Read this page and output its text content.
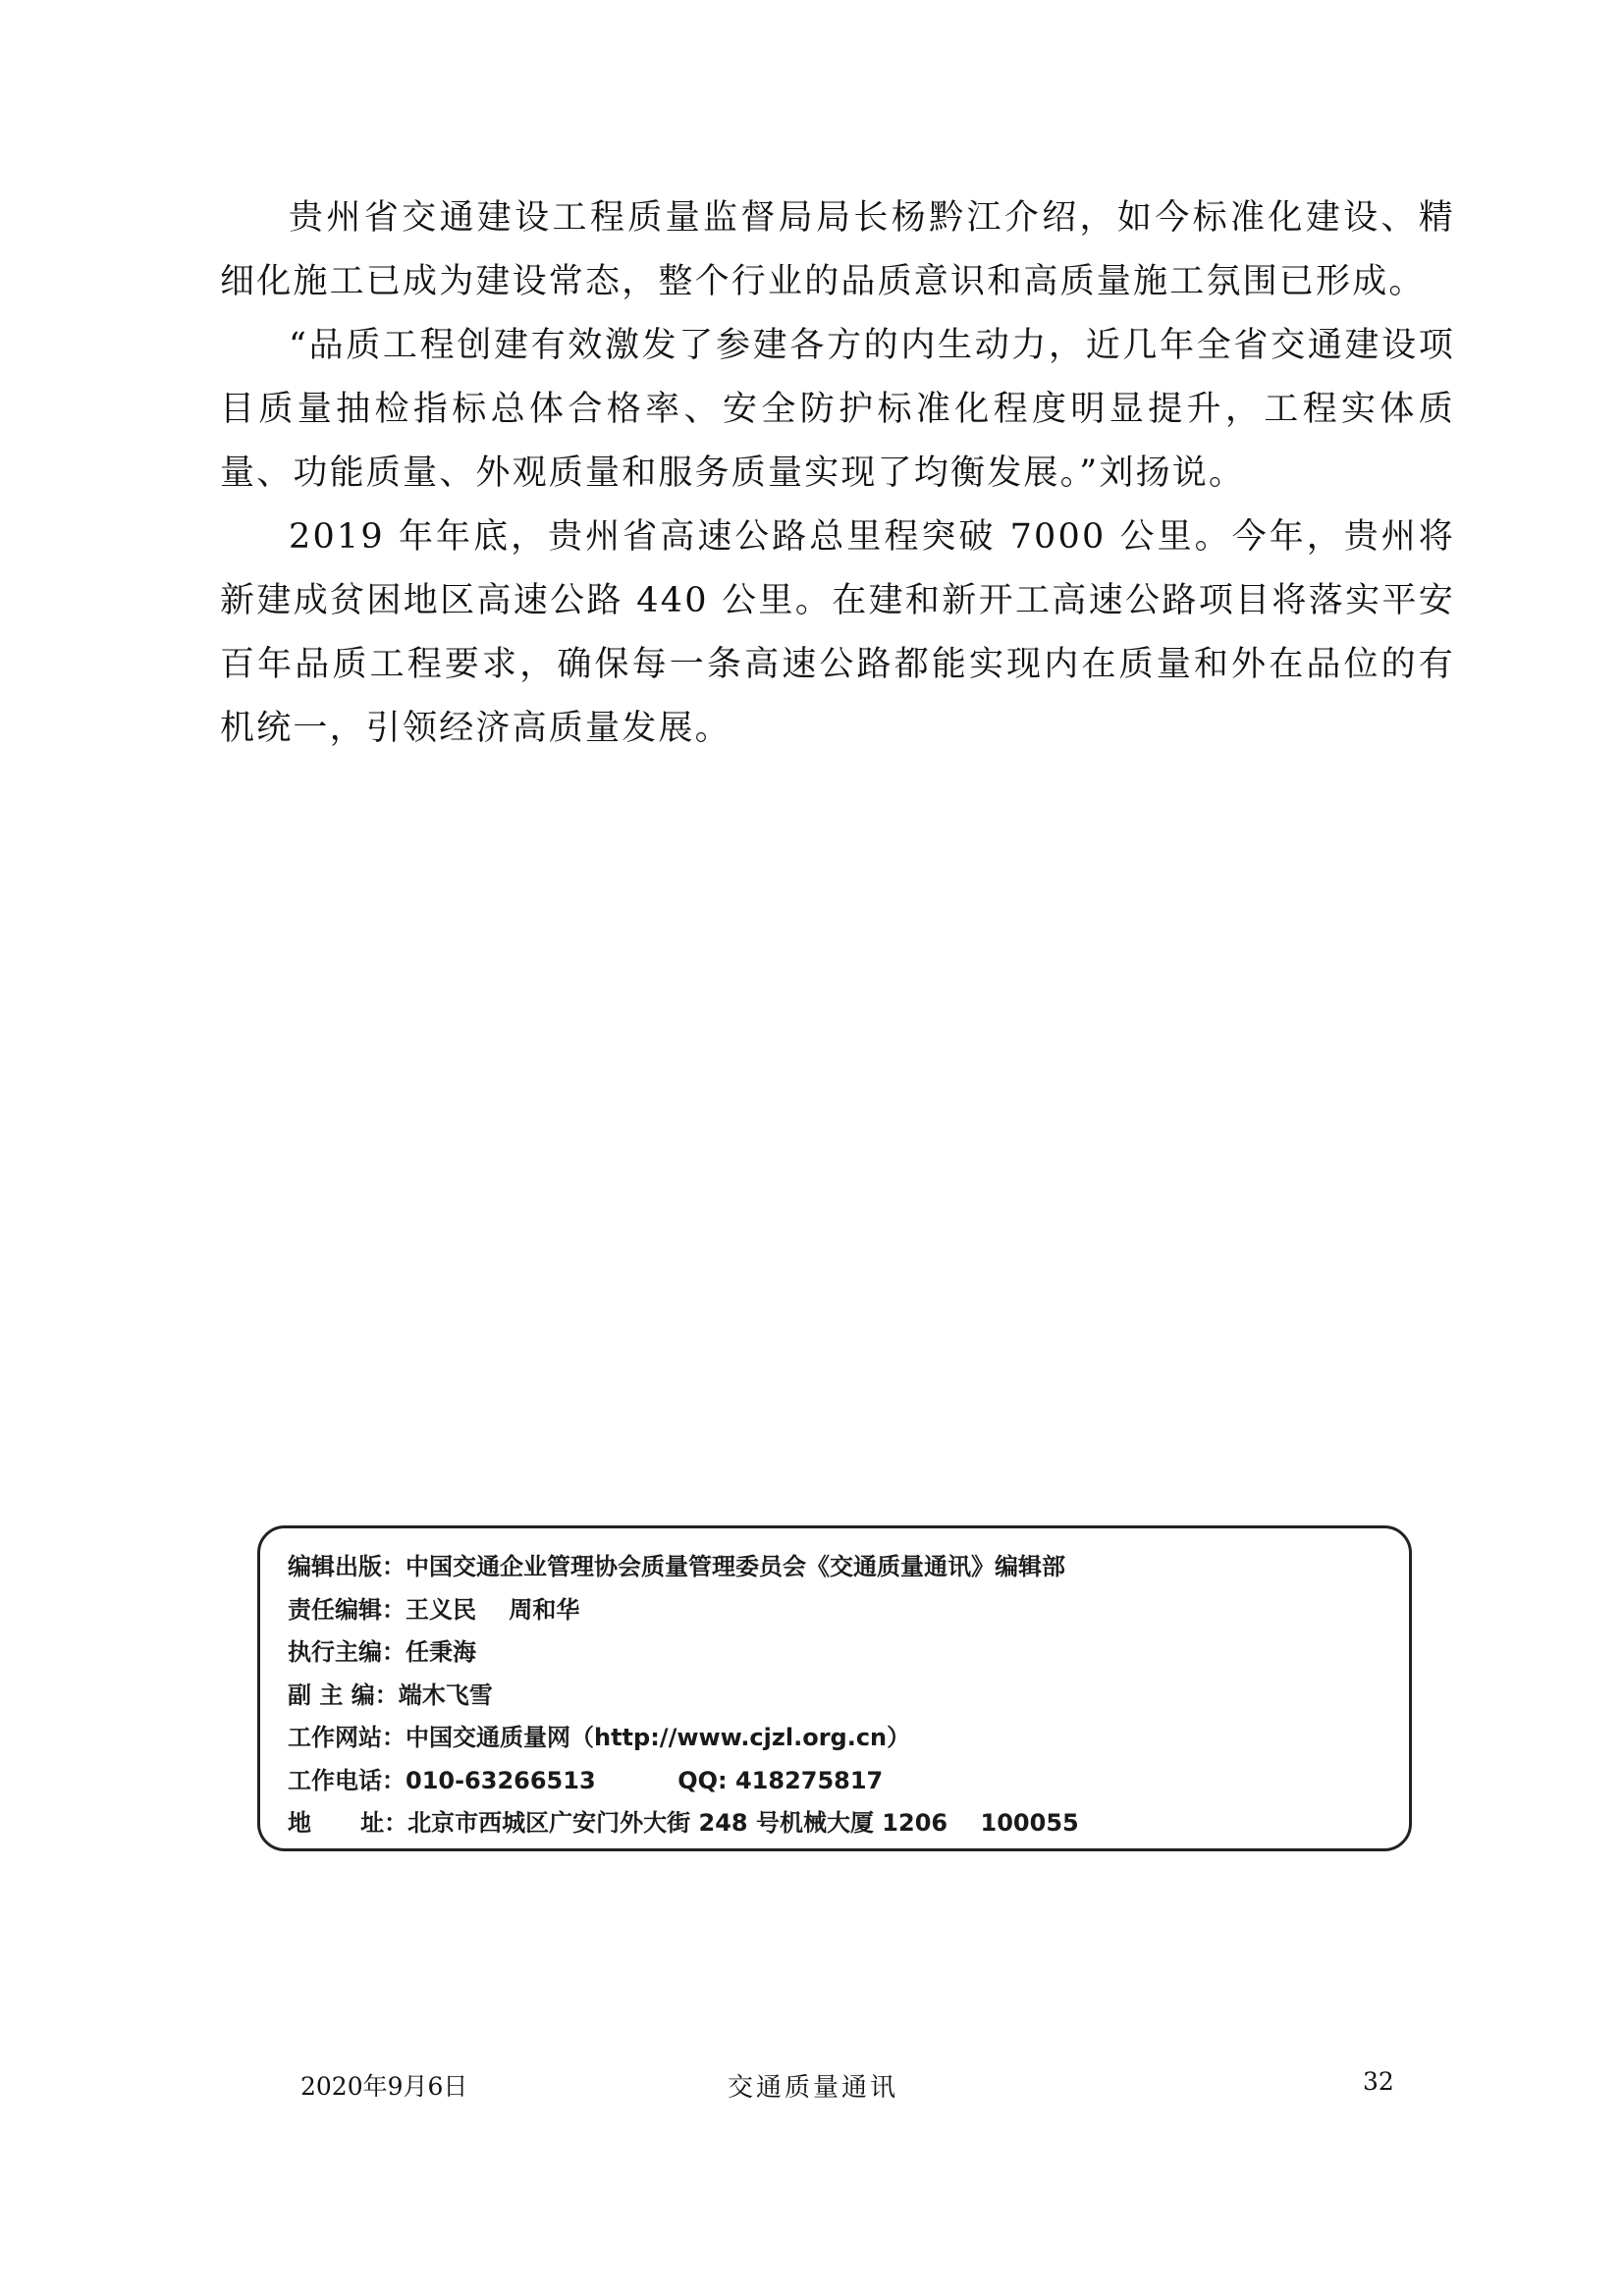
贵州省交通建设工程质量监督局局长杨黔江介绍，如今标准化建设、精细化施工已成为建设常态，整个行业的品质意识和高质量施工氛围已形成。

“品质工程创建有效激发了参建各方的内生动力，近几年全省交通建设项目质量抽检指标总体合格率、安全防护标准化程度明显提升，工程实体质量、功能质量、外观质量和服务质量实现了均衡发展。”刘扬说。

2019 年年底，贵州省高速公路总里程突破 7000 公里。今年，贵州将新建成贫困地区高速公路 440 公里。在建和新开工高速公路项目将落实平安百年品质工程要求，确保每一条高速公路都能实现内在质量和外在品位的有机统一，引领经济高质量发展。

编辑出版：中国交通企业管理协会质量管理委员会《交通质量通讯》编辑部
责任编辑：王义民    周和华
执行主编：任秉海
副 主 编：端木飞雪
工作网站：中国交通质量网（http://www.cjzl.org.cn）
工作电话：010-63266513          QQ: 418275817
地      址：北京市西城区广安门外大街 248 号机械大厦 1206    100055
2020年9月6日	交通质量通讯	32
